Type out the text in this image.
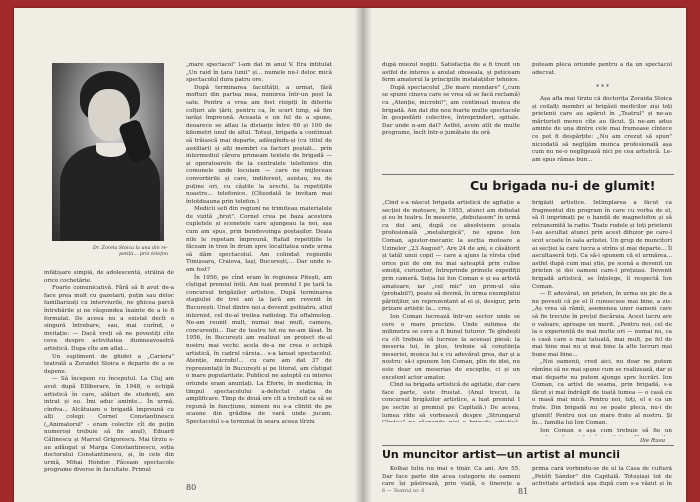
Dr. Zorela Stoica la una din re-
petiții... prin telefon

înfățișare simplă, de adolescentă, străină de orice cochetărie.

Foarte comunicativă. Fără să fi avut de-a face prea mult cu gazetarii, puțin sau deloc familiarizați cu interviurile, ne ghicea parcă întrebările și ne răspundea înainte de a le fi formulat. De aceea nu a existat decît o singură întrebare, sau, mai curînd, o invitație: — Dacă vreți să ne povestiți cîte ceva despre activitatea dumneavoastră artistică. Dupa cîte am aflat...

Un supliment de ghidet a „Cariera" teatrală a Zoraidei Stoica e departe de a se depene.

— Să începem cu începutul. La Cluj am avut după Elliberare, în 1948, o echipă artistică în care, alături de studenți, am intrat și eu. Îmi aduc aminte... În urmă, cîndva... Alcătuiam o brigadă împreună cu alți colegi: Cornel Constantinescu („Animatorul" - eram colectiv cît de puțin numeroși trebuie să fie anul), Eduard Călinescu și Marcel Grigorescu. Mai tîrziu s-au adăugat și Marga Constantinescu, soția doctorului Constantinescu, și, în cele din urmă, Mihai Hondor. Făceam spectacole programe diverse în facultate. Primul

„mare spectacol" l-am dat în anul V. Era intitulat „Un raid în țara lunii" și... numele nu-l deloc mică spectacolul dura patru ore.

După terminarea facultății, a urmat, fără mofturi din partea mea, numirea într-un post la sate. Pentru a vrea am fost risipiți în diferite colțuri ale țării, pentru ca, în scurt timp, să fim iarăși împreună. Aceasta e un fel de a spune, deoarece se aflau la distanțe între 60 și 100 de kilometri unul de altul. Totuși, brigada a continuat să trăiască mai departe, adăugîndu-și (cu titlul de auxiliari) și alți membri ca factori poștali... prin intermediul cărora primeam textele de brigadă — și operatoarele de la centralele telefonice din comunele unde locuiam — care ne mijloceau convorbirile și care, indiferent, asistau, nu de puține ori, cu căștile la urechi, la repetițiile noastre... telefonice. (Cîteodată le invitam mai întotdeauna prin telefon.)

Medicii sefi din regiuni ne trimiteau materialele de vizită „brut". Cornel crea pe baza acestora cupletele și scenetele care ajungeau la noi, așa cum am spus, prin bundevoinga poștașilor. Deaia nile le repetam împreună, Rafail repetițiile le făceam in tren în drum spre localitatea unde urma să dăm spectacolul. Am colindat regiunile Timișoara, Craiova, Iași, București,... Dar unde n-am fost?

În 1956, pe cînd eram în regiunea Pitești, am cîștigat premiul întîi. Am luat premiul I pe țară la concursul brigăzilor artistice. După terminarea stagiului de trei ani la țară am revenit în București. Unul dintre noi a devenit psihiatru, altul internist, cel de-al treilea radiolog. Eu oftalmolog. Ne-am reunit mult, numai mai mult, camera, concurenții... Dar de teatru tot nu ne-am lăsat. În 1956, în București am realizat un proiect de-al nostru mai vechi: acela de-a ne crea o echipă artistică, în cadrul căreia... s-a lansat spectacolul. Atenție, microbi!... cu care am dat 37 de reprezentații în București și pe litoral, am cîștigat o mare popularitate. Publicul ne așteptă cu interes oriunde eram anunțați. La Eforie, în medicina, în timpul spectacolului a-defectat stația de amplificare. Timp de două ore cît a trebuit ca să se repună în funcțiune, nimeni nu s-a clintit de pe scaune din grădina de vară unde jucam. Spectacolul s-a terminat în seara aceea tîrziu

80

după miezul nopții. Satisfacția de a fi trezit un astfel de interes a anulat oboseala, și peticeam ferm amatorul la principiile instalațiilor tehnice.

După spectacolul „De mare mondare" („cum se spune cineva care se vrea să se facă reclamă) cu „Atenție, microbi!", am continuat munca de brigadă. Am dat din nou foarte multe spectacole în gospodării colective, întreprinderi, spitale. Dar unde n-am dat? Astfel, avem atît de multe programe, încît într-o jumătate de oră

puteam pleca oriunde pentru a da un spectacol adecvat.

***

Așa afla mai tîrziu că doctorița Zoraida Stoica și ceilalți membri ai brigăzii medicilor ziși toți prietenii care au apărut în „Teatrul" și ne-au mărturisit mereu cîte au făcut. Și ne-am adus aminte de una dintre cele mai frumoase cîntece ce pot fi despărțite: „Nu am crezut să spun" niciodată să neglijăm munca profesională așa cum nu ne-o negligează nici pe cea artistică. Le-am spus rămas bun...

Cu brigada nu-i de glumit!

„Cînd s-a născut brigada artistică de agitație a secției de motoare, în 1955, atunci am debutat și eu în teatru. În meserie, „debutasem" în urmă cu doi ani, după ce absolvisem școala profesională „metalurgică", ne spune Ion Coman, ajustor-mecanic la secția motoare a Uzinelor „23 August". Are 24 de ani, e căsătorit și tatăl unui copil — care a ajuns la vîrsta cînd orice pui de om nu mai așteaptă prin culise emoții, curiozitor, întreprinde primele expediții prin cameră. Soția lui Ion Coman e și ea artistă amatoare, iar „cel mic" un prim-ul său (probabil?), poate să devină, în urma exemplului părinților, un reprezentant al ei și, desigur, prin prizare artistic la... creș.

Ion Coman lucrează într-un sector unde se cere o mare precizie. Unde sutimea de milimetru se cere a fi bunul tuturor. Te gîndești cu cît trebuie să lucreze la aceeași piesă; la meseria lui, în plus, trebuie să conștiința meseriei, munca lui e cu adevărat grea, dar și a nostru: să-i spunem Ion Coman, plin de idei, nu este doar un meserias de excepție, ci și un excelent actor amator.

Cînd sa brigada artistică de agitație, dar care face parte, este frustat. (Anul trecut, la concursul brigăzilor artistice, a luat premiul I pe secție și premiul pe Capitală.) De aceea, lumea rîde să vorbească despre „Strungarul

brigăzii artistice. Întîmplarea a făcut ca fragmentul din program în care cu vorba de el, să îl imprimați pe o bandă de magnetofon și să retransmită la radio. Toate rudele și toți prietenii l-au ascultat atunci prin acest difuzor pe care-l scot scoate în sala artistei. Un grup de muncitori ai secției la care lucra a strîns și mai departe... Îl ascultaseră toți. Ca să-i spunem că el urmărea... astfel după cum mai știe, pe scenă a devenit un prieten și doi oameni care-l prețuiau. Devenit brigadă artistică, se înțelege, îl respectă Ion Coman.

— E adevărat, un prieten, în urma un pic de a ne povesti că pe el îl cunoscuse mai bine, a zis: „Aș vrea să rămîi, asemenea unor oameni care să fie trecute în prețul fiecăruia. Acest lucru are o valoare, aproape un merit. „Pentru noi, cel de la o experiență de mai multe ori — numai nu, ca o casă care o mai tatuată, mai mult, pe fel de mai bine mai nu și mai bine la alte lucruri mai bune mai bine...

„Noi oamenii, cred aici, nu doar ne putem rămîne să ne mai spune cum se realizează, dar și mai departe nu putem ajunge spre lucrări. Ion Coman, ca artist de seama, prin brigadă, s-a făcut și mai îndrăgit de toată lumea — o casă cu o masă mai mică. Pentru noi, toți, el e ca un frate. Din brigadă nu se poate pleca, nu-i de glumit! Pentru noi un mare frate al nostru. Și în... familia lui Ion Coman.

Ion Coman e așa cum trebuie să fie un

Ilie Rusu
Un muncitor artist—un artist al muncii

Kolbai Iuliu nu mai e tînăr. Ca ani. Are 55. Dar face parte din acea categorie de oameni care își păstrează, prin viață, o tinerețe a

prima cară vorbindu-se de el la Casa de cultură „Petőfi Sándor" din Capitală. Totușiași tot de activitate artistică așa după cum s-a văzut și în

6 — Teatrul nr. 6	81
